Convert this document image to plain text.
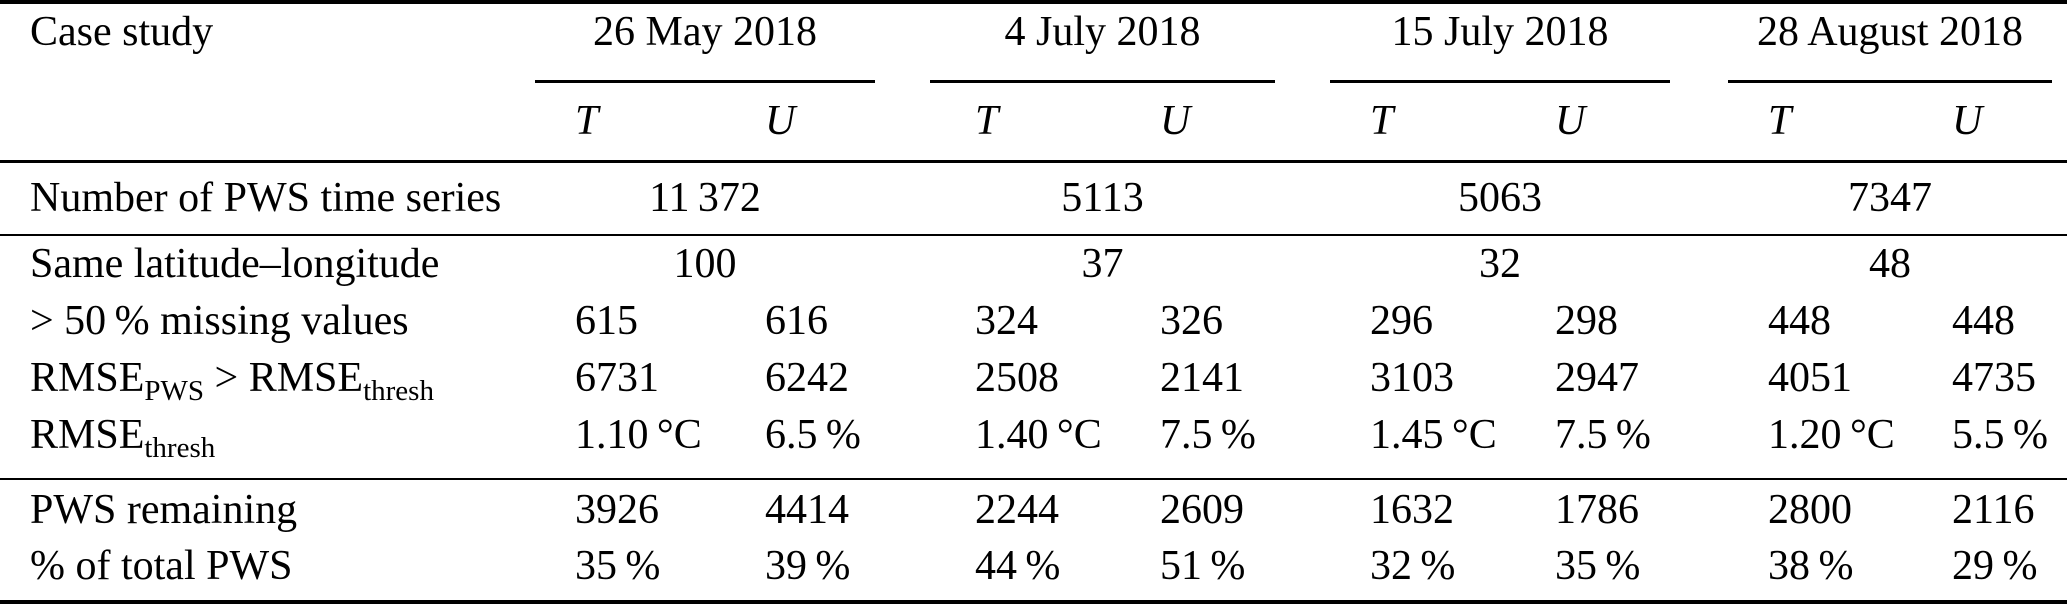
Case study	26 May 2018		4 July 2018		15 July 2018		28 August 2018	

	T	U	T	U	T	U	T	U
Number of PWS time series	11 372		5113		5063		7347	

Same latitude–longitude	100		37		32		48	

> 50 % missing values	615	616	324	326	296	298	448	448
$RMSE_{PWS}$ > $RMSE_{thresh}$	6731	6242	2508	2141	3103	2947	4051	4735
$RMSE_{thresh}$	1.10 °C	6.5 %	1.40 °C	7.5 %	1.45 °C	7.5 %	1.20 °C	5.5 %
PWS remaining	3926	4414	2244	2609	1632	1786	2800	2116
% of total PWS	35 %	39 %	44 %	51 %	32 %	35 %	38 %	29 %
